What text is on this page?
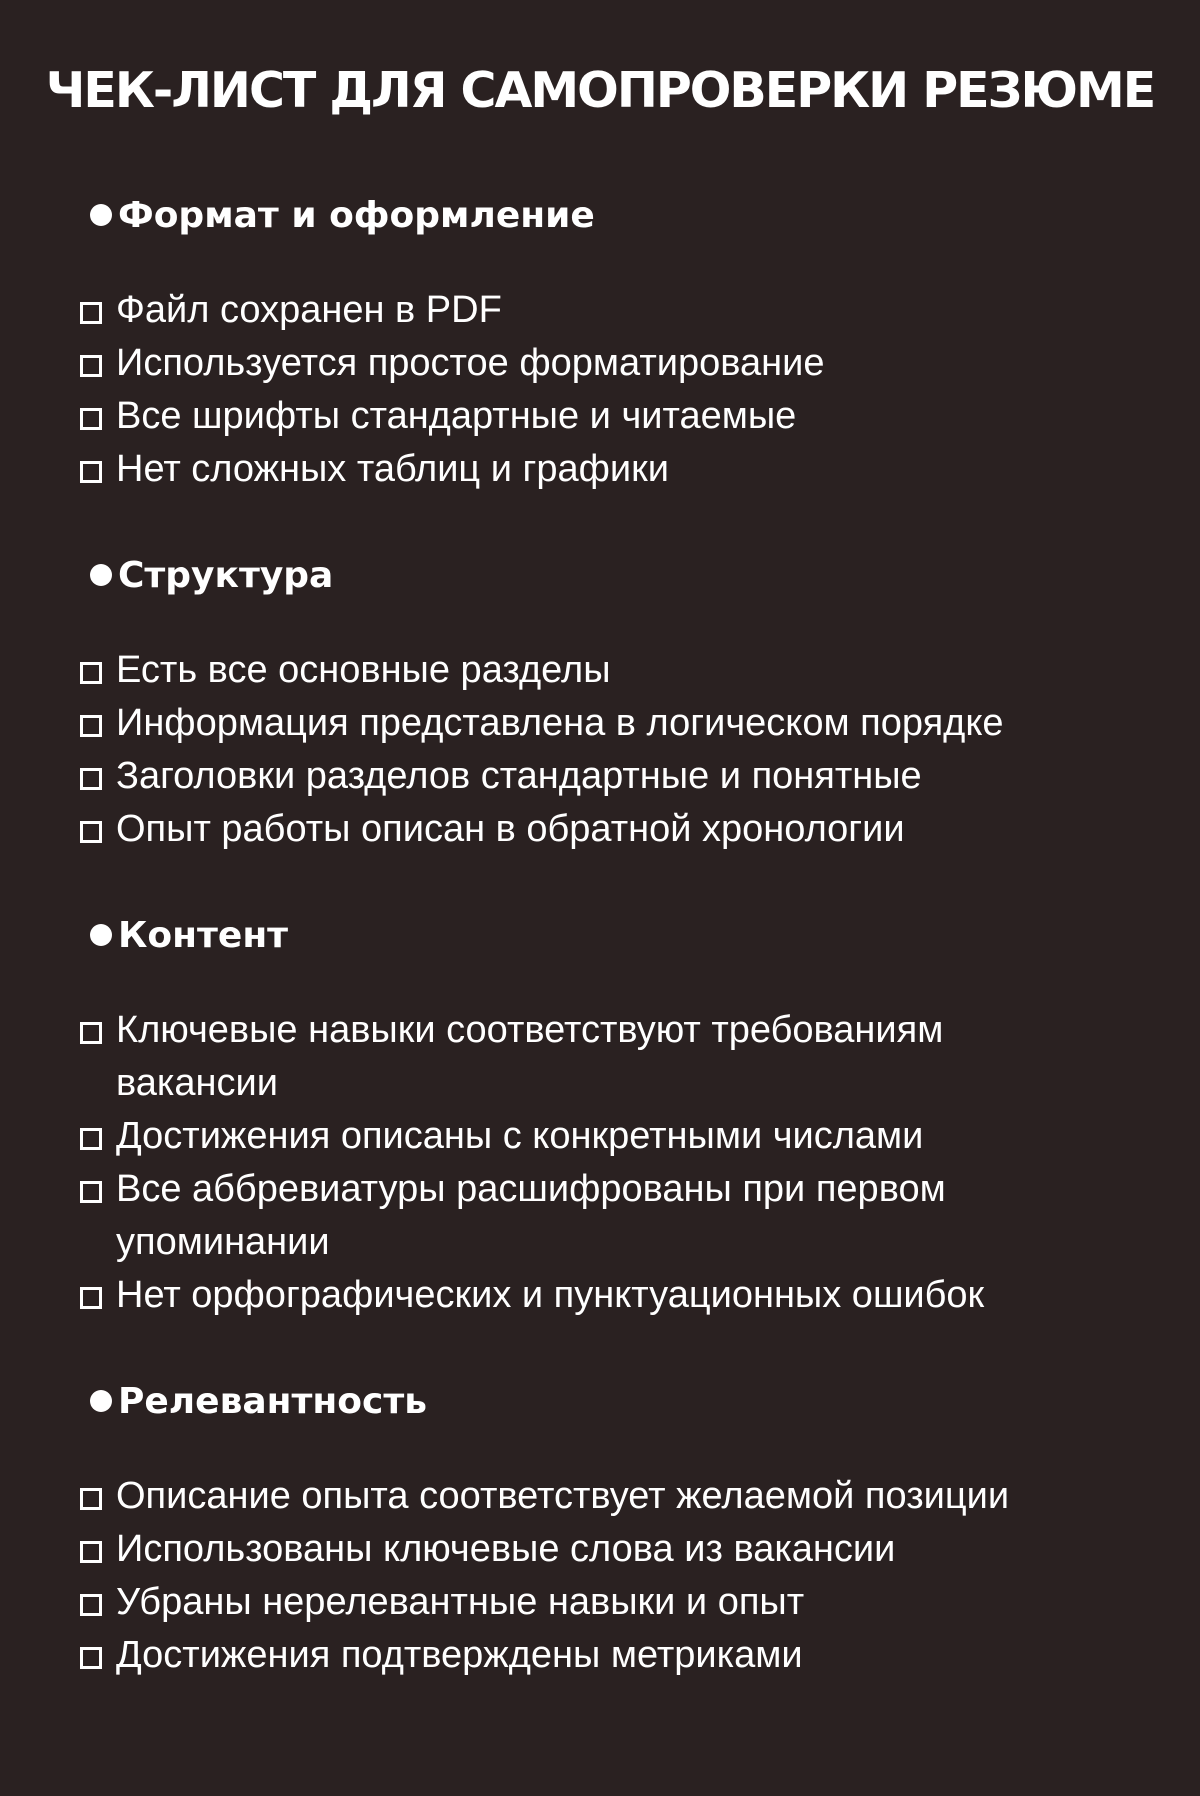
ЧЕК-ЛИСТ ДЛЯ САМОПРОВЕРКИ РЕЗЮМЕ
Формат и оформление
Файл сохранен в PDF
Используется простое форматирование
Все шрифты стандартные и читаемые
Нет сложных таблиц и графики
Структура
Есть все основные разделы
Информация представлена в логическом порядке
Заголовки разделов стандартные и понятные
Опыт работы описан в обратной хронологии
Контент
Ключевые навыки соответствуют требованиям вакансии
Достижения описаны с конкретными числами
Все аббревиатуры расшифрованы при первом упоминании
Нет орфографических и пунктуационных ошибок
Релевантность
Описание опыта соответствует желаемой позиции
Использованы ключевые слова из вакансии
Убраны нерелевантные навыки и опыт
Достижения подтверждены метриками
